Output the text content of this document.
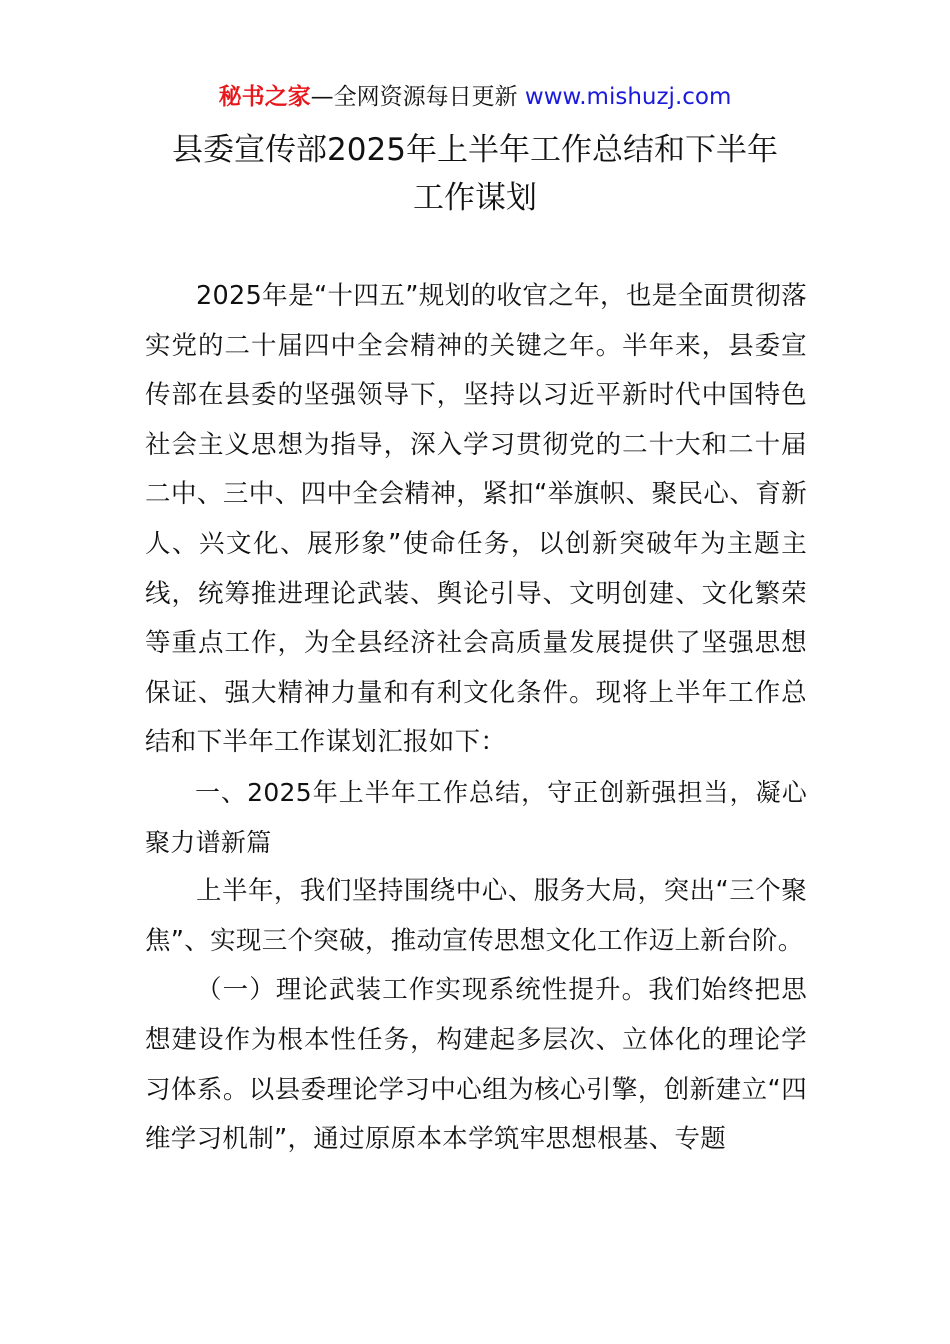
秘书之家—全网资源每日更新 www.mishuzj.com
县委宣传部2025年上半年工作总结和下半年
工作谋划

2025年是“十四五”规划的收官之年，也是全面贯彻落实党的二十届四中全会精神的关键之年。半年来，县委宣传部在县委的坚强领导下，坚持以习近平新时代中国特色社会主义思想为指导，深入学习贯彻党的二十大和二十届二中、三中、四中全会精神，紧扣“举旗帜、聚民心、育新人、兴文化、展形象”使命任务，以创新突破年为主题主线，统筹推进理论武装、舆论引导、文明创建、文化繁荣等重点工作，为全县经济社会高质量发展提供了坚强思想保证、强大精神力量和有利文化条件。现将上半年工作总结和下半年工作谋划汇报如下：

一、2025年上半年工作总结，守正创新强担当，凝心聚力谱新篇

上半年，我们坚持围绕中心、服务大局，突出“三个聚焦”、实现三个突破，推动宣传思想文化工作迈上新台阶。

（一）理论武装工作实现系统性提升。我们始终把思想建设作为根本性任务，构建起多层次、立体化的理论学习体系。以县委理论学习中心组为核心引擎，创新建立“四维学习机制”，通过原原本本学筑牢思想根基、专题
